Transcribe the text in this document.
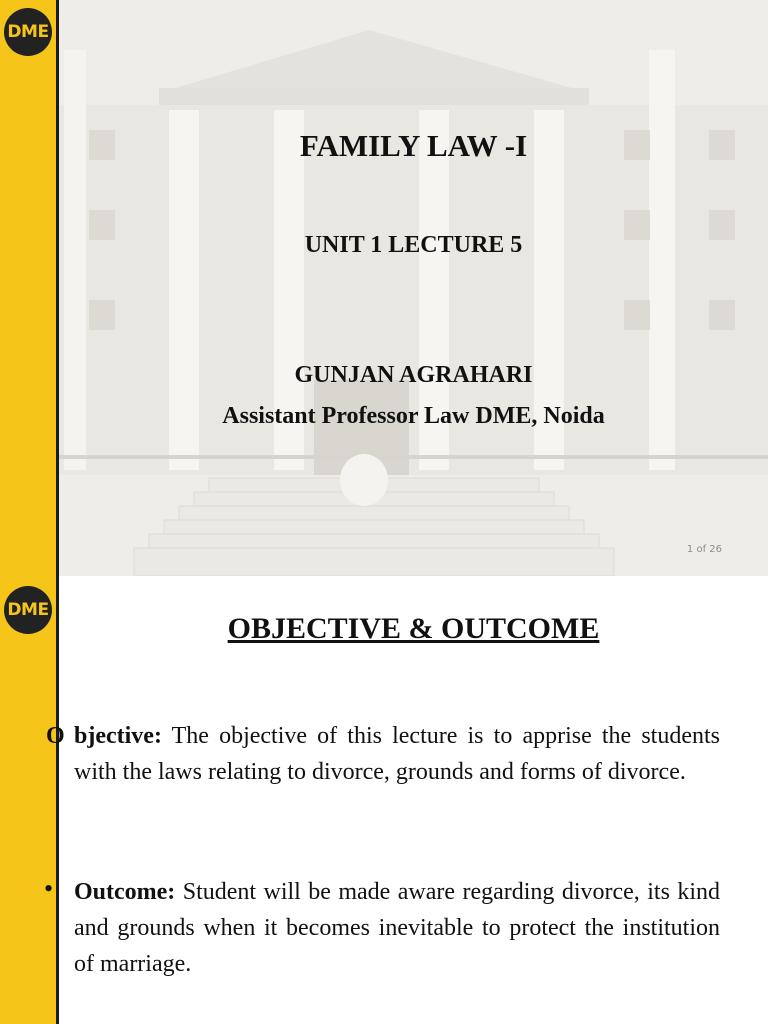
DME
FAMILY LAW -I
UNIT 1 LECTURE 5
GUNJAN AGRAHARI
Assistant Professor Law DME, Noida
1 of 26
DME
OBJECTIVE & OUTCOME
O bjective: The objective of this lecture is to apprise the students with the laws relating to divorce, grounds and forms of divorce.
• Outcome: Student will be made aware regarding divorce, its kind and grounds when it becomes inevitable to protect the institution of marriage.
